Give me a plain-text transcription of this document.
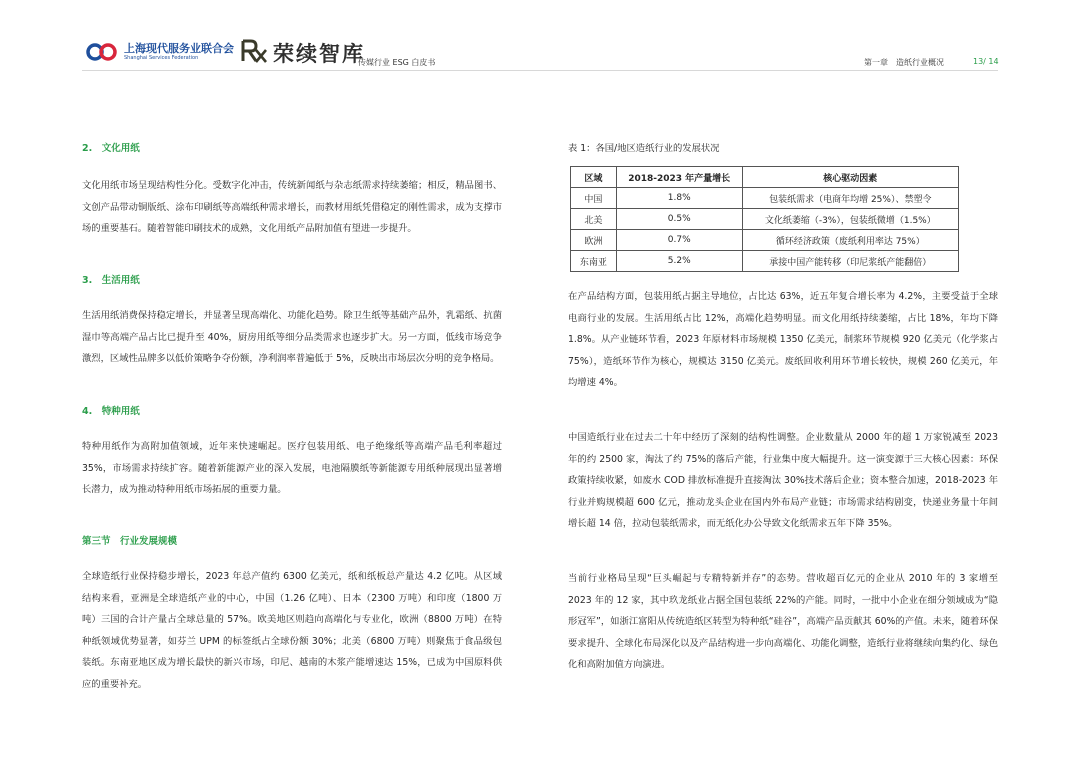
上海现代服务业联合会
Shanghai Services Federation	荣续智库
传媒行业 ESG 白皮书	第一章　造纸行业概况	13/ 14
2.　文化用纸
文化用纸市场呈现结构性分化。受数字化冲击，传统新闻纸与杂志纸需求持续萎缩；相反，精品图书、文创产品带动铜版纸、涂布印刷纸等高端纸种需求增长，而教材用纸凭借稳定的刚性需求，成为支撑市场的重要基石。随着智能印刷技术的成熟，文化用纸产品附加值有望进一步提升。
3.　生活用纸
生活用纸消费保持稳定增长，并显著呈现高端化、功能化趋势。除卫生纸等基础产品外，乳霜纸、抗菌湿巾等高端产品占比已提升至 40%，厨房用纸等细分品类需求也逐步扩大。另一方面，低线市场竞争激烈，区域性品牌多以低价策略争夺份额，净利润率普遍低于 5%，反映出市场层次分明的竞争格局。
4.　特种用纸
特种用纸作为高附加值领域，近年来快速崛起。医疗包装用纸、电子绝缘纸等高端产品毛利率超过35%，市场需求持续扩容。随着新能源产业的深入发展，电池隔膜纸等新能源专用纸种展现出显著增长潜力，成为推动特种用纸市场拓展的重要力量。
第三节　行业发展规模
全球造纸行业保持稳步增长，2023 年总产值约 6300 亿美元，纸和纸板总产量达 4.2 亿吨。从区域结构来看，亚洲是全球造纸产业的中心，中国（1.26 亿吨）、日本（2300 万吨）和印度（1800 万吨）三国的合计产量占全球总量的 57%。欧美地区则趋向高端化与专业化，欧洲（8800 万吨）在特种纸领域优势显著，如芬兰 UPM 的标签纸占全球份额 30%；北美（6800 万吨）则聚焦于食品级包装纸。东南亚地区成为增长最快的新兴市场，印尼、越南的木浆产能增速达 15%，已成为中国原料供应的重要补充。
表 1：各国/地区造纸行业的发展状况
区域	2018-2023 年产量增长	核心驱动因素
中国	1.8%	包装纸需求（电商年均增 25%）、禁塑令
北美	0.5%	文化纸萎缩（-3%），包装纸微增（1.5%）
欧洲	0.7%	循环经济政策（废纸利用率达 75%）
东南亚	5.2%	承接中国产能转移（印尼浆纸产能翻倍）
在产品结构方面，包装用纸占据主导地位，占比达 63%，近五年复合增长率为 4.2%，主要受益于全球电商行业的发展。生活用纸占比 12%，高端化趋势明显。而文化用纸持续萎缩，占比 18%，年均下降 1.8%。从产业链环节看，2023 年原材料市场规模 1350 亿美元，制浆环节规模 920 亿美元（化学浆占 75%），造纸环节作为核心，规模达 3150 亿美元。废纸回收利用环节增长较快，规模 260 亿美元，年均增速 4%。
中国造纸行业在过去二十年中经历了深刻的结构性调整。企业数量从 2000 年的超 1 万家锐减至 2023 年的约 2500 家，淘汰了约 75%的落后产能，行业集中度大幅提升。这一演变源于三大核心因素：环保政策持续收紧，如废水 COD 排放标准提升直接淘汰 30%技术落后企业；资本整合加速，2018-2023 年行业并购规模超 600 亿元，推动龙头企业在国内外布局产业链；市场需求结构剧变，快递业务量十年间增长超 14 倍，拉动包装纸需求，而无纸化办公导致文化纸需求五年下降 35%。
当前行业格局呈现“巨头崛起与专精特新并存”的态势。营收超百亿元的企业从 2010 年的 3 家增至 2023 年的 12 家，其中玖龙纸业占据全国包装纸 22%的产能。同时，一批中小企业在细分领域成为“隐形冠军”，如浙江富阳从传统造纸区转型为特种纸“硅谷”，高端产品贡献其 60%的产值。未来，随着环保要求提升、全球化布局深化以及产品结构进一步向高端化、功能化调整，造纸行业将继续向集约化、绿色化和高附加值方向演进。
